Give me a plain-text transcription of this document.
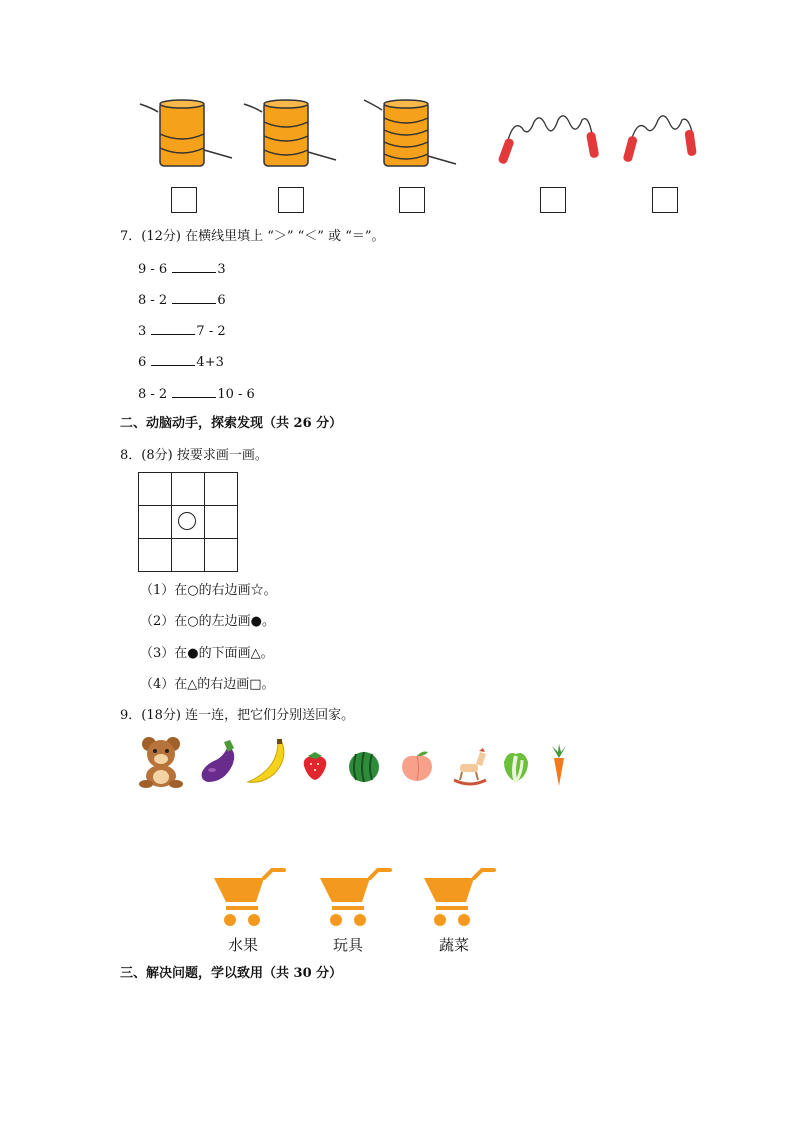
7．(12分) 在横线里填上 “＞” “＜” 或 “＝”。
9 - 6	3
8 - 2	6
3	7 - 2
6	4+3
8 - 2	10 - 6
二、动脑动手，探索发现（共 26 分）
8．(8分) 按要求画一画。
（1）在○的右边画☆。
（2）在○的左边画●。
（3）在●的下面画△。
（4）在△的右边画□。
9．(18分) 连一连，把它们分别送回家。
水果	玩具	蔬菜
三、解决问题，学以致用（共 30 分）
